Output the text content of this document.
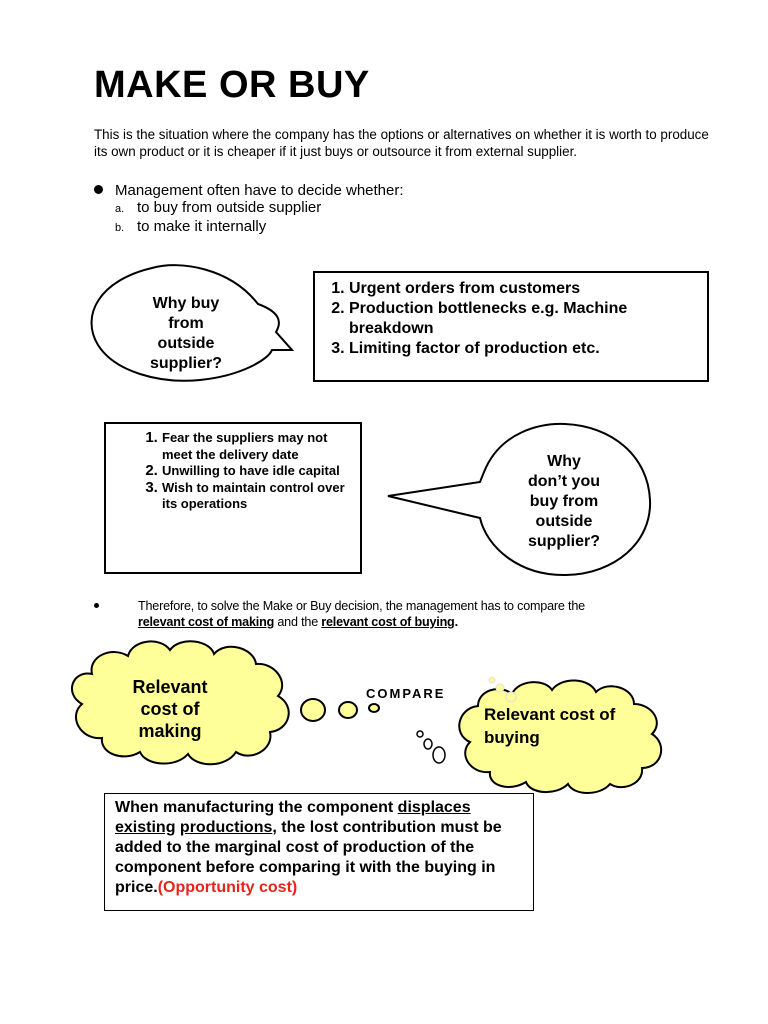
MAKE OR BUY
This is the situation where the company has the options or alternatives on whether it is worth to produce its own product or it is cheaper if it just buys or outsource it from external supplier.
Management often have to decide whether:
a. to buy from outside supplier
b. to make it internally
Why buy
from
outside
supplier?
1. Urgent orders from customers
2. Production bottlenecks e.g. Machine breakdown
3. Limiting factor of production etc.
1. Fear the suppliers may not meet the delivery date
2. Unwilling to have idle capital
3. Wish to maintain control over its operations
Why
don’t you
buy from
outside
supplier?
Therefore, to solve the Make or Buy decision, the management has to compare the
relevant cost of making and the relevant cost of buying.
COMPARE
Relevant
cost of
making
Relevant cost of
buying
When manufacturing the component displaces existing productions, the lost contribution must be added to the marginal cost of production of the component before comparing it with the buying in price.(Opportunity cost)
